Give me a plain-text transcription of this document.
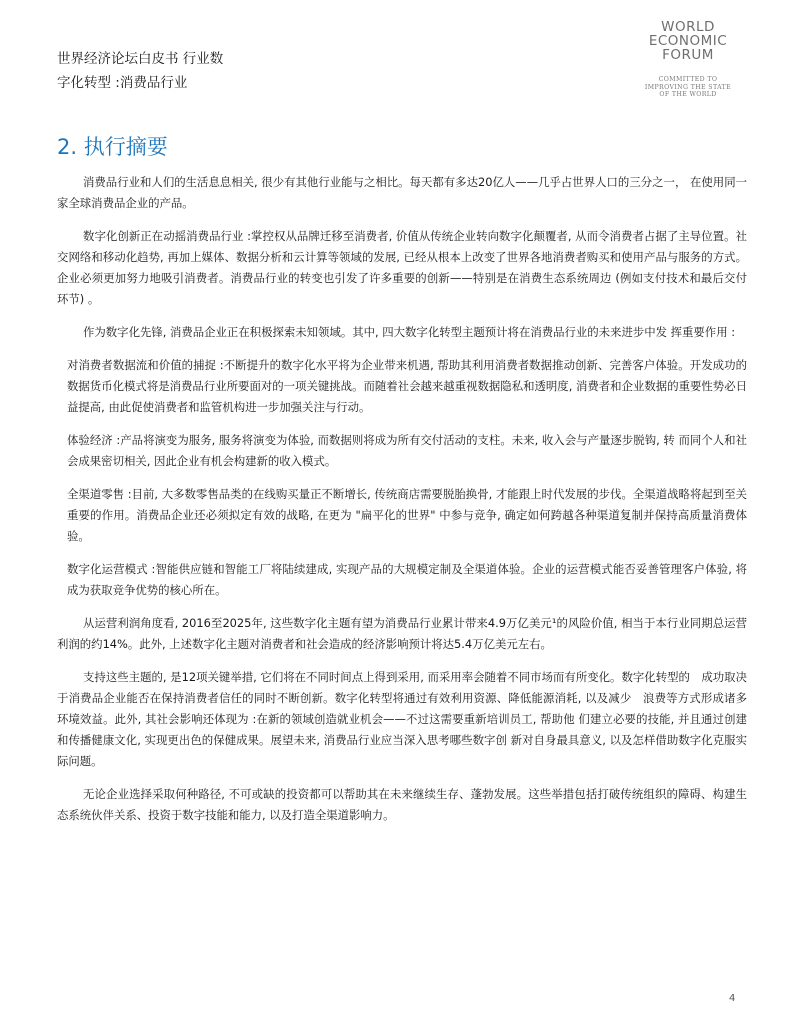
世界经济论坛白皮书 行业数
字化转型 :消费品行业
WORLD
ECONOMIC
FORUM
COMMITTED TO
IMPROVING THE STATE
OF THE WORLD
2. 执行摘要

消费品行业和人们的生活息息相关, 很少有其他行业能与之相比。每天都有多达20亿人——几乎占世界人口的三分之一， 在使用同一家全球消费品企业的产品。

数字化创新正在动摇消费品行业 :掌控权从品牌迁移至消费者, 价值从传统企业转向数字化颠覆者, 从而令消费者占据了主导位置。社交网络和移动化趋势, 再加上媒体、数据分析和云计算等领域的发展, 已经从根本上改变了世界各地消费者购买和使用产品与服务的方式。企业必须更加努力地吸引消费者。消费品行业的转变也引发了许多重要的创新——特别是在消费生态系统周边 (例如支付技术和最后交付环节) 。

作为数字化先锋, 消费品企业正在积极探索未知领域。其中, 四大数字化转型主题预计将在消费品行业的未来进步中发 挥重要作用 :

对消费者数据流和价值的捕捉 :不断提升的数字化水平将为企业带来机遇, 帮助其利用消费者数据推动创新、完善客户体验。开发成功的数据货币化模式将是消费品行业所要面对的一项关键挑战。而随着社会越来越重视数据隐私和透明度, 消费者和企业数据的重要性势必日益提高, 由此促使消费者和监管机构进一步加强关注与行动。

体验经济 :产品将演变为服务, 服务将演变为体验, 而数据则将成为所有交付活动的支柱。未来, 收入会与产量逐步脱钩, 转 而同个人和社会成果密切相关, 因此企业有机会构建新的收入模式。

全渠道零售 :目前, 大多数零售品类的在线购买量正不断增长, 传统商店需要脱胎换骨, 才能跟上时代发展的步伐。全渠道战略将起到至关重要的作用。消费品企业还必须拟定有效的战略, 在更为 "扁平化的世界" 中参与竞争, 确定如何跨越各种渠道复制并保持高质量消费体验。

数字化运营模式 :智能供应链和智能工厂将陆续建成, 实现产品的大规模定制及全渠道体验。企业的运营模式能否妥善管理客户体验, 将成为获取竞争优势的核心所在。

从运营利润角度看, 2016至2025年, 这些数字化主题有望为消费品行业累计带来4.9万亿美元¹的风险价值, 相当于本行业同期总运营利润的约14%。此外, 上述数字化主题对消费者和社会造成的经济影响预计将达5.4万亿美元左右。

支持这些主题的, 是12项关键举措, 它们将在不同时间点上得到采用, 而采用率会随着不同市场而有所变化。数字化转型的　成功取决于消费品企业能否在保持消费者信任的同时不断创新。数字化转型将通过有效利用资源、降低能源消耗, 以及减少　浪费等方式形成诸多环境效益。此外, 其社会影响还体现为 :在新的领域创造就业机会——不过这需要重新培训员工, 帮助他 们建立必要的技能, 并且通过创建和传播健康文化, 实现更出色的保健成果。展望未来, 消费品行业应当深入思考哪些数字创 新对自身最具意义, 以及怎样借助数字化克服实际问题。

无论企业选择采取何种路径, 不可或缺的投资都可以帮助其在未来继续生存、蓬勃发展。这些举措包括打破传统组织的障碍、构建生态系统伙伴关系、投资于数字技能和能力, 以及打造全渠道影响力。

4
